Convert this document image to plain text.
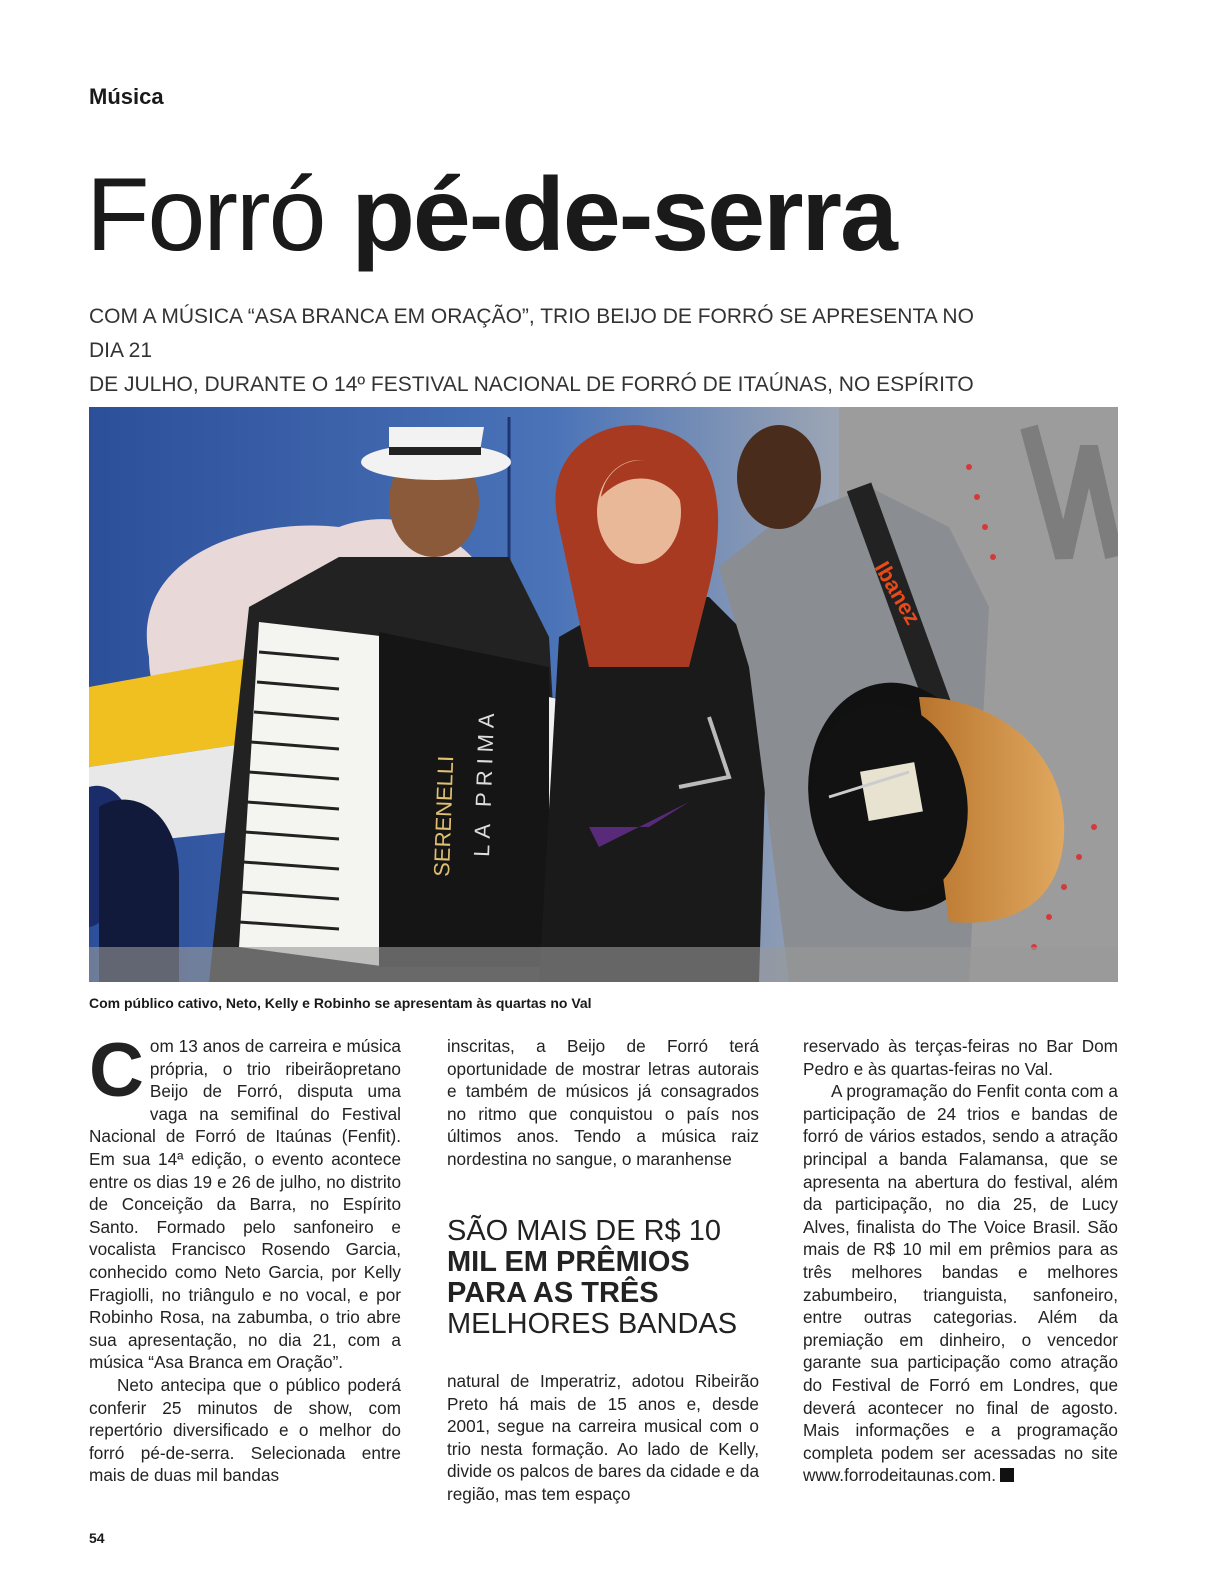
Música
Forró pé-de-serra
COM A MÚSICA “ASA BRANCA EM ORAÇÃO”, TRIO BEIJO DE FORRÓ SE APRESENTA NO DIA 21
DE JULHO, DURANTE O 14º FESTIVAL NACIONAL DE FORRÓ DE ITAÚNAS, NO ESPÍRITO
SERENELLI LA PRIMA
Ibanez
Com público cativo, Neto, Kelly e Robinho se apresentam às quartas no Val

Com 13 anos de carreira e música própria, o trio ribeirãopretano Beijo de Forró, disputa uma vaga na semifinal do Festival Nacional de Forró de Itaúnas (Fenfit). Em sua 14ª edição, o evento acontece entre os dias 19 e 26 de julho, no distrito de Conceição da Barra, no Espírito Santo. Formado pelo sanfoneiro e vocalista Francisco Rosendo Garcia, conhecido como Neto Garcia, por Kelly Fragiolli, no triângulo e no vocal, e por Robinho Rosa, na zabumba, o trio abre sua apresentação, no dia 21, com a música “Asa Branca em Oração”.

Neto antecipa que o público poderá conferir 25 minutos de show, com repertório diversificado e o melhor do forró pé-de-serra. Selecionada entre mais de duas mil bandas

inscritas, a Beijo de Forró terá oportunidade de mostrar letras autorais e também de músicos já consagrados no ritmo que conquistou o país nos últimos anos. Tendo a música raiz nordestina no sangue, o maranhense

SÃO MAIS DE R$ 10
MIL EM PRÊMIOS
PARA AS TRÊS
MELHORES BANDAS

natural de Imperatriz, adotou Ribeirão Preto há mais de 15 anos e, desde 2001, segue na carreira musical com o trio nesta formação. Ao lado de Kelly, divide os palcos de bares da cidade e da região, mas tem espaço

reservado às terças-feiras no Bar Dom Pedro e às quartas-feiras no Val.

A programação do Fenfit conta com a participação de 24 trios e bandas de forró de vários estados, sendo a atração principal a banda Falamansa, que se apresenta na abertura do festival, além da participação, no dia 25, de Lucy Alves, finalista do The Voice Brasil. São mais de R$ 10 mil em prêmios para as três melhores bandas e melhores zabumbeiro, trianguista, sanfoneiro, entre outras categorias. Além da premiação em dinheiro, o vencedor garante sua participação como atração do Festival de Forró em Londres, que deverá acontecer no final de agosto. Mais informações e a programação completa podem ser acessadas no site www.forrodeitaunas.com.

54
